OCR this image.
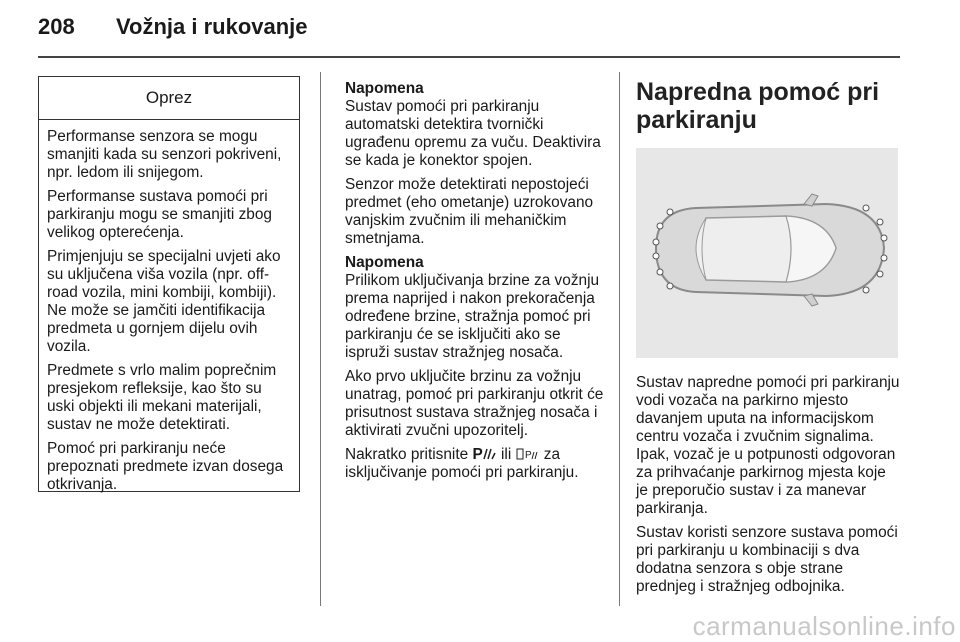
208 Vožnja i rukovanje
Oprez

Performanse senzora se mogu smanjiti kada su senzori pokriveni, npr. ledom ili snijegom.

Performanse sustava pomoći pri parkiranju mogu se smanjiti zbog velikog opterećenja.

Primjenjuju se specijalni uvjeti ako su uključena viša vozila (npr. off-road vozila, mini kombiji, kombiji). Ne može se jamčiti identifikacija predmeta u gornjem dijelu ovih vozila.

Predmete s vrlo malim poprečnim presjekom refleksije, kao što su uski objekti ili mekani materijali, sustav ne može detektirati.

Pomoć pri parkiranju neće prepoznati predmete izvan dosega otkrivanja.

Napomena

Sustav pomoći pri parkiranju automatski detektira tvornički ugrađenu opremu za vuču. Deaktivira se kada je konektor spojen.

Senzor može detektirati nepostojeći predmet (eho ometanje) uzrokovano vanjskim zvučnim ili mehaničkim smetnjama.

Napomena

Prilikom uključivanja brzine za vožnju prema naprijed i nakon prekoračenja određene brzine, stražnja pomoć pri parkiranju će se isključiti ako se ispruži sustav stražnjeg nosača.

Ako prvo uključite brzinu za vožnju unatrag, pomoć pri parkiranju otkrit će prisutnost sustava stražnjeg nosača i aktivirati zvučni upozoritelj.

Nakratko pritisnite P ili P za isključivanje pomoći pri parkiranju.

Napredna pomoć pri parkiranju

Sustav napredne pomoći pri parkiranju vodi vozača na parkirno mjesto davanjem uputa na informacijskom centru vozača i zvučnim signalima. Ipak, vozač je u potpunosti odgovoran za prihvaćanje parkirnog mjesta koje je preporučio sustav i za manevar parkiranja.

Sustav koristi senzore sustava pomoći pri parkiranju u kombinaciji s dva dodatna senzora s obje strane prednjeg i stražnjeg odbojnika.

carmanualsonline.info
